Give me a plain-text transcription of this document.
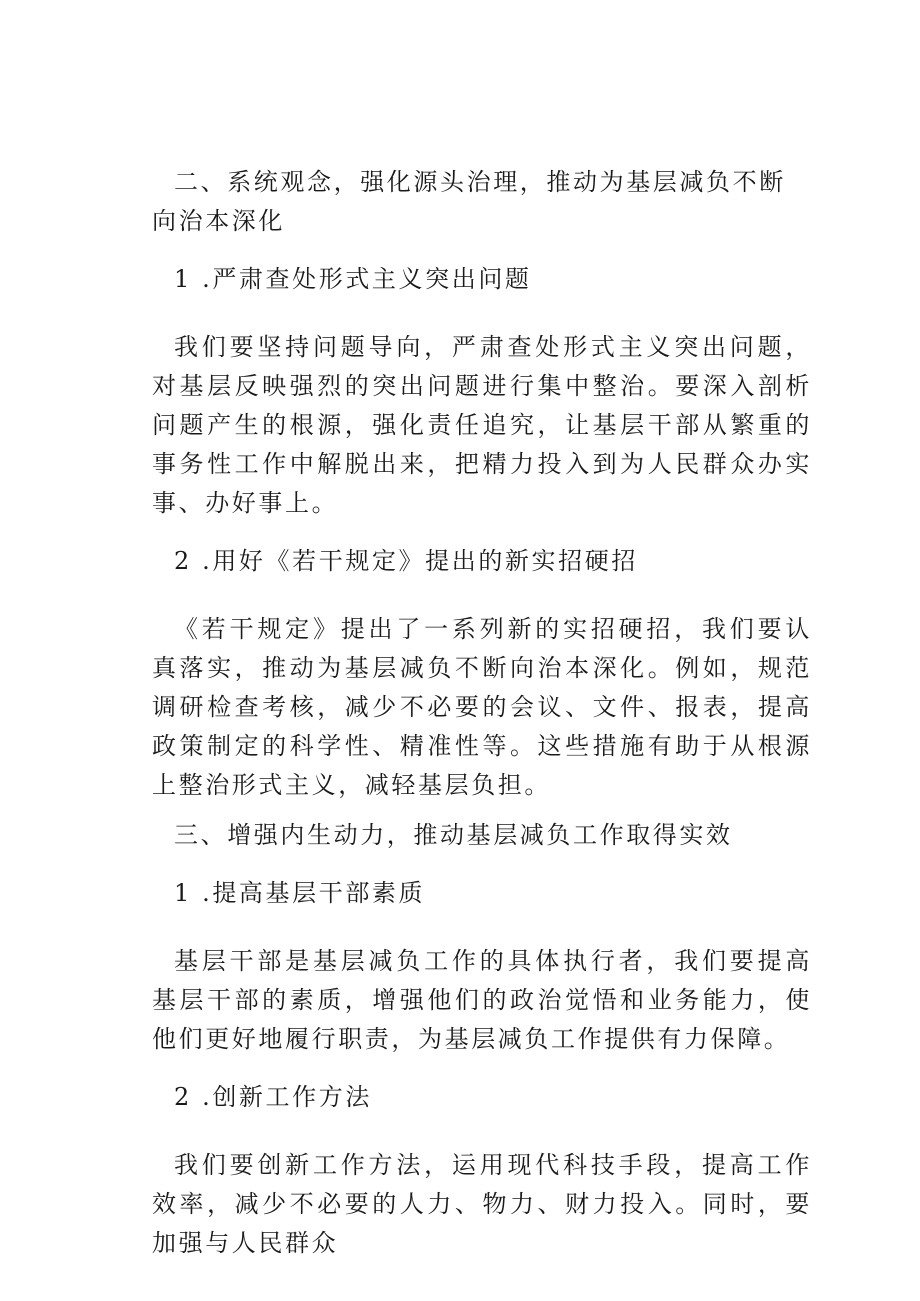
二、系统观念，强化源头治理，推动为基层减负不断向治本深化

1 .严肃查处形式主义突出问题

我们要坚持问题导向，严肃查处形式主义突出问题，对基层反映强烈的突出问题进行集中整治。要深入剖析问题产生的根源，强化责任追究，让基层干部从繁重的事务性工作中解脱出来，把精力投入到为人民群众办实事、办好事上。

2 .用好《若干规定》提出的新实招硬招

《若干规定》提出了一系列新的实招硬招，我们要认真落实，推动为基层减负不断向治本深化。例如，规范调研检查考核，减少不必要的会议、文件、报表，提高政策制定的科学性、精准性等。这些措施有助于从根源上整治形式主义，减轻基层负担。

三、增强内生动力，推动基层减负工作取得实效

1 .提高基层干部素质

基层干部是基层减负工作的具体执行者，我们要提高基层干部的素质，增强他们的政治觉悟和业务能力，使他们更好地履行职责，为基层减负工作提供有力保障。

2 .创新工作方法

我们要创新工作方法，运用现代科技手段，提高工作效率，减少不必要的人力、物力、财力投入。同时，要加强与人民群众
